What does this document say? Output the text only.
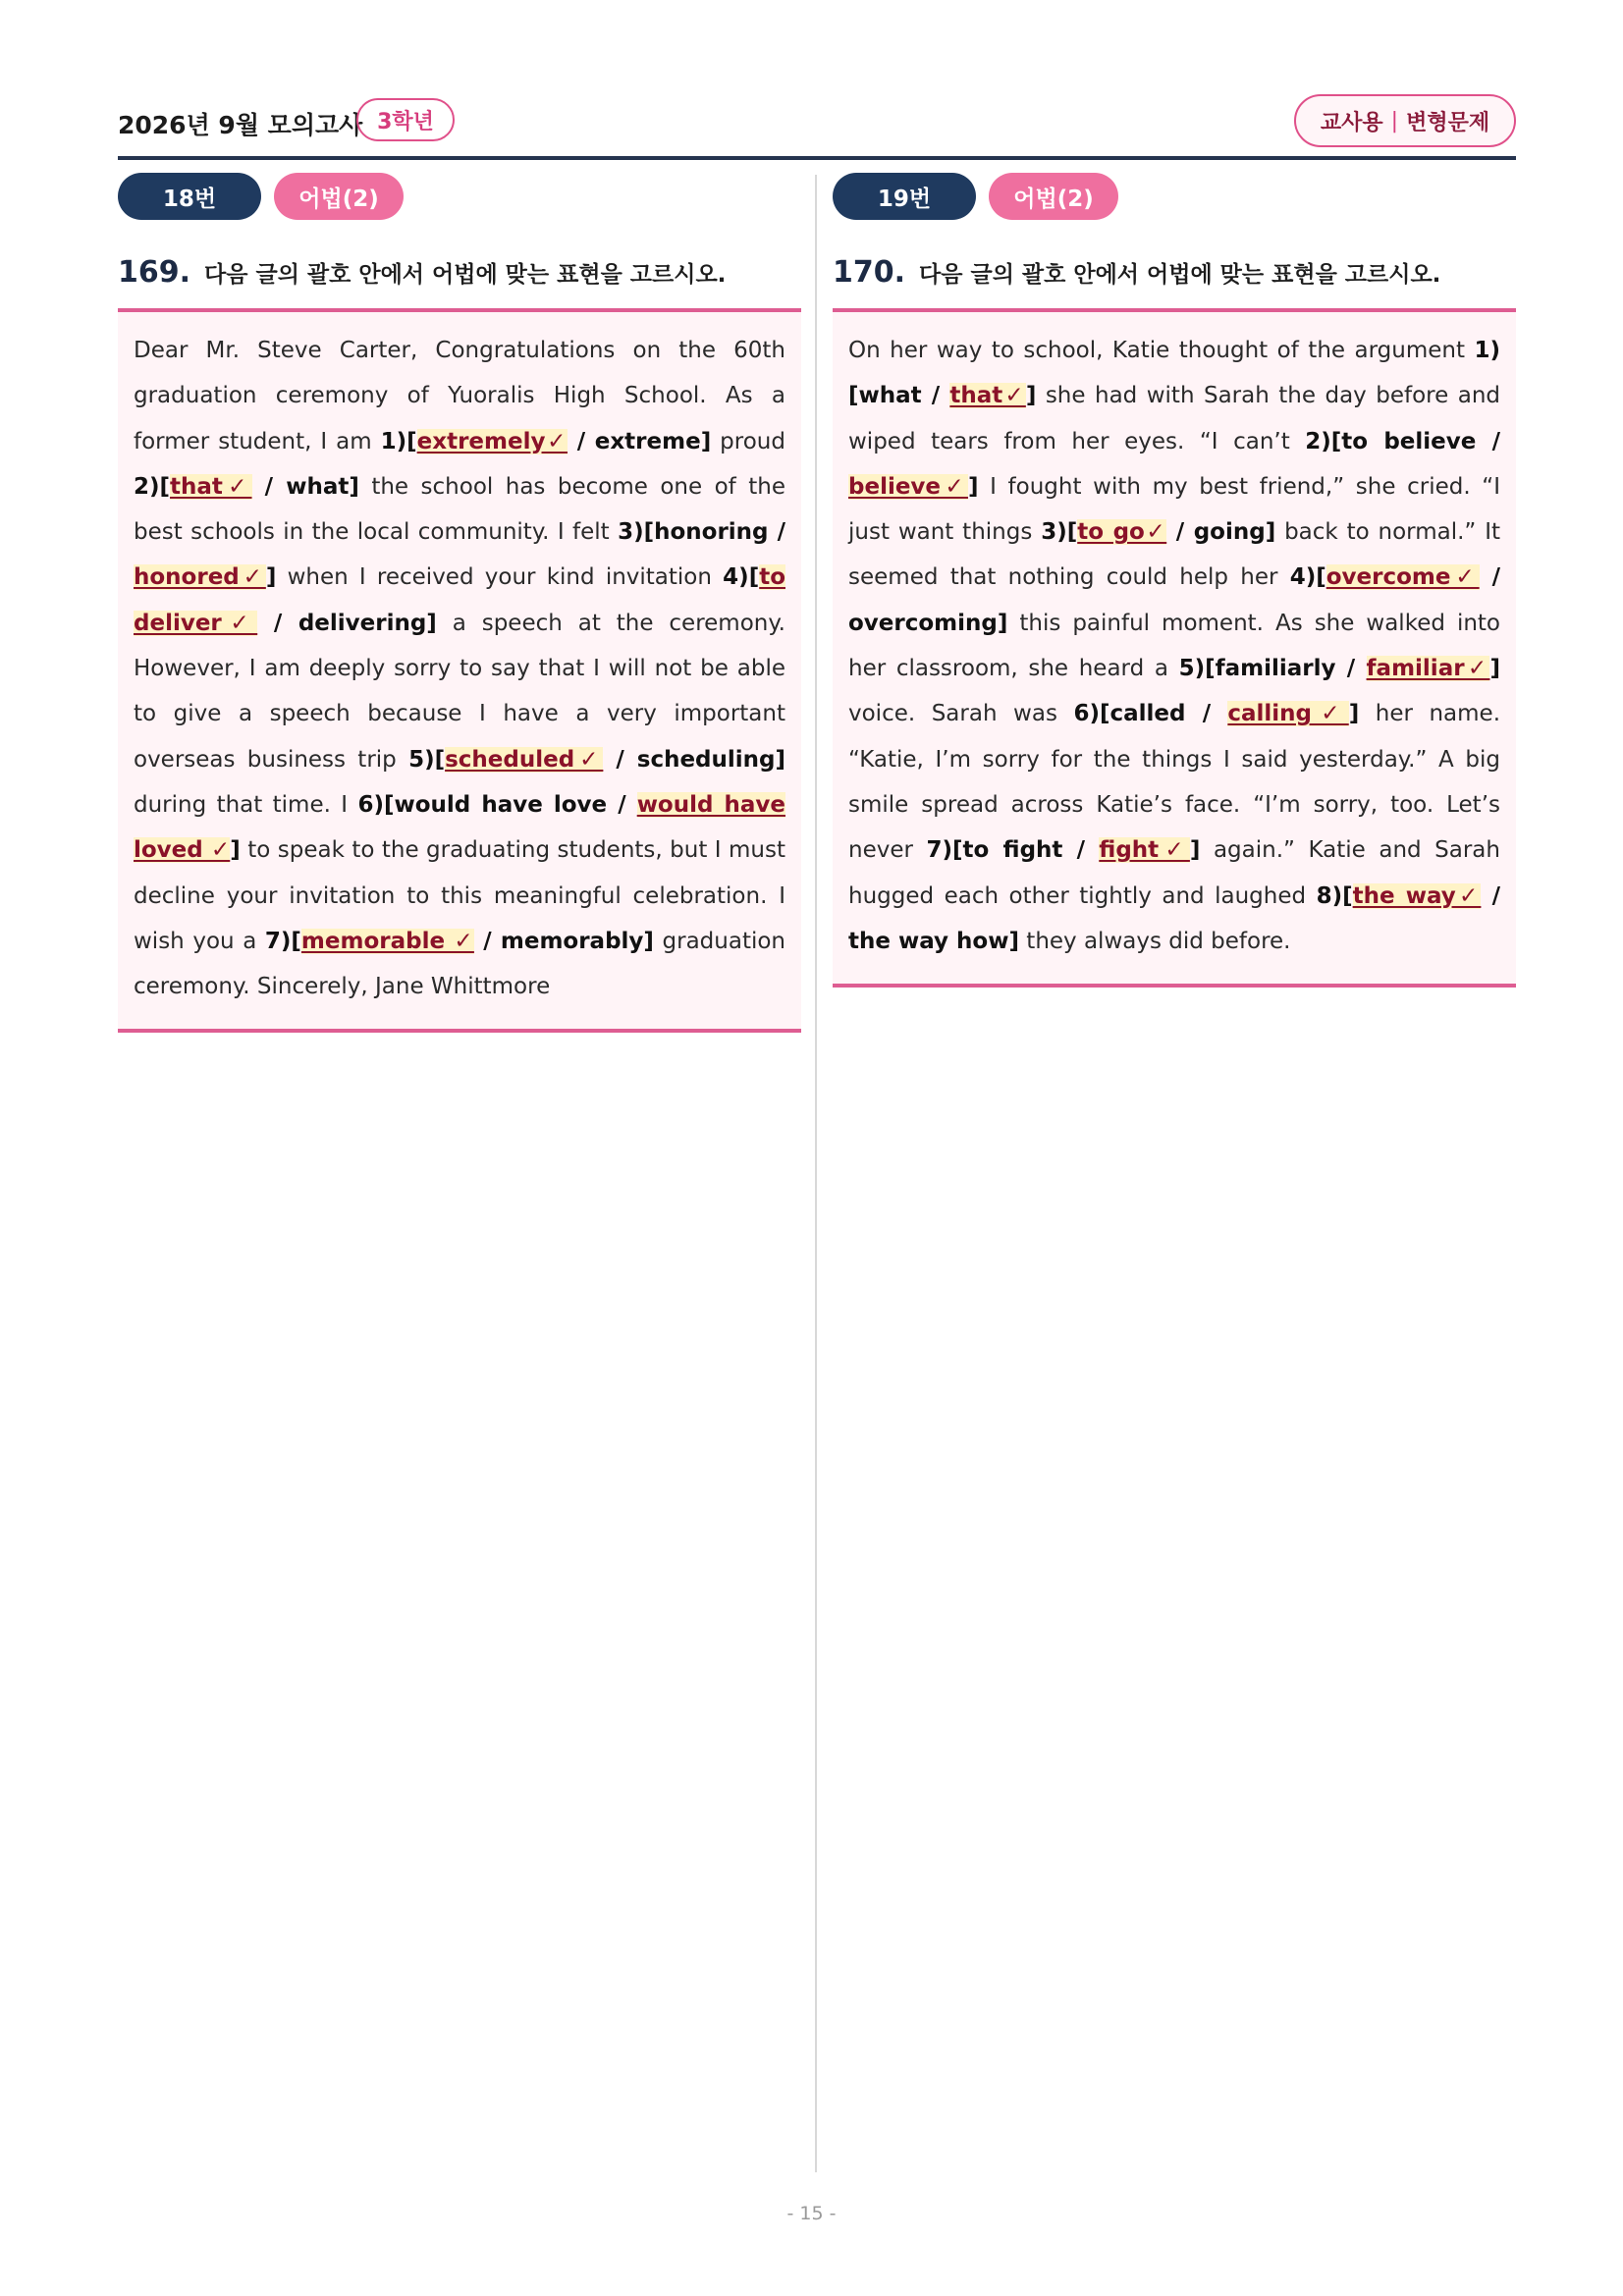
2026년 9월 모의고사 3학년	교사용 | 변형문제
18번	어법(2)
169. 다음 글의 괄호 안에서 어법에 맞는 표현을 고르시오.
Dear Mr. Steve Carter, Congratulations on the 60th graduation ceremony of Yuoralis High School. As a former student, I am 1)[extremely✓ / extreme] proud 2)[that✓ / what] the school has become one of the best schools in the local community. I felt 3)[honoring / honored✓] when I received your kind invitation 4)[to deliver✓ / delivering] a speech at the ceremony. However, I am deeply sorry to say that I will not be able to give a speech because I have a very important overseas business trip 5)[scheduled✓ / scheduling] during that time. I 6)[would have love / would have loved ✓] to speak to the graduating students, but I must decline your invitation to this meaningful celebration. I wish you a 7)[memorable ✓ / memorably] graduation ceremony. Sincerely, Jane Whittmore
19번	어법(2)
170. 다음 글의 괄호 안에서 어법에 맞는 표현을 고르시오.
On her way to school, Katie thought of the argument 1)[what / that✓] she had with Sarah the day before and wiped tears from her eyes. “I can’t 2)[to believe / believe✓] I fought with my best friend,” she cried. “I just want things 3)[to go✓ / going] back to normal.” It seemed that nothing could help her 4)[overcome✓ / overcoming] this painful moment. As she walked into her classroom, she heard a 5)[familiarly / familiar✓] voice. Sarah was 6)[called / calling✓] her name. “Katie, I’m sorry for the things I said yesterday.” A big smile spread across Katie’s face. “I’m sorry, too. Let’s never 7)[to fight / fight✓] again.” Katie and Sarah hugged each other tightly and laughed 8)[the way✓ / the way how] they always did before.
- 15 -
